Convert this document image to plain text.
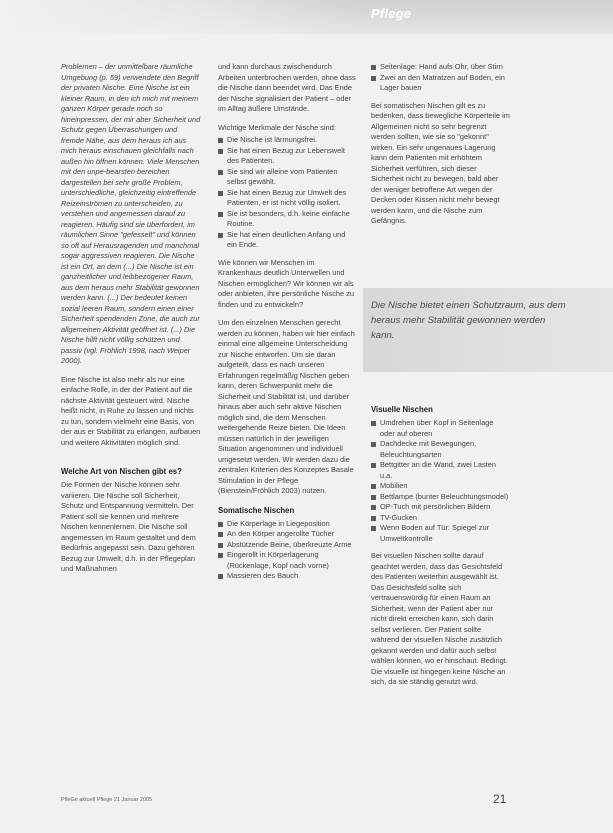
Pflege

Problemen – der unmittelbare räumliche Umgebung (p. 59) verwendete den Begriff der privaten Nische. Eine Nische ist ein kleiner Raum, in den ich mich mit meinem ganzen Körper gerade noch so hineinpressen, der mir aber Sicherheit und Schutz gegen Überraschungen und fremde Nähe, aus dem heraus ich aus mich heraus einschauen gleichfalls nach außen hin öffnen können. Viele Menschen mit den unpe-bearsten bereichen dargestellen bei sehr große Problem, unterschiedliche, gleichzeitig eintreffende Reizeinströmen zu unterscheiden, zu verstehen und angemessen darauf zu reagieren. Häufig sind sie überfordert, im räumlichen Sinne "gefesselt" und können so oft auf Herausragenden und manchmal sogar aggressiven reagieren. Die Nische ist ein Ort, an dem (...) Die Nische ist ein ganzheitlicher und leibbezogener Raum, aus dem heraus mehr Stabilität gewonnen werden kann. (...) Der bedeutet keinen sozial leeren Raum, sondern einen einer Sicherheit spendenden Zone, die auch zur allgemeinen Aktivität geöffnet ist. (...) Die Nische hilft nicht völlig schützen und passiv (vgl. Fröhlich 1998, nach Weiper 2000).

Eine Nische ist also mehr als nur eine einfache Rolle, in der der Patient auf die nächste Aktivität gesteuert wird. Nische heißt nicht, in Ruhe zu lassen und nichts zu tun, sondern vielmehr eine Basis, von der aus er Stabilität zu erlangen, aufbauen und weitere Aktivitäten möglich sind.

Welche Art von Nischen gibt es?

Die Formen der Nische können sehr variieren. Die Nische soll Sicherheit, Schutz und Entspannung vermitteln. Der Patient soll sie kennen und mehrere Nischen kennenlernen. Die Nische soll angemessen im Raum gestaltet und dem Bedürfnis angepasst sein. Dazu gehören Bezug zur Umwelt, d.h. in der Pflegeplan und Maßnahmen

und kann durchaus zwischendurch Arbeiten unterbrochen werden, ohne dass die Nische dann beendet wird. Das Ende der Nische signalisiert der Patient – oder im Alltag äußere Umstände.

Wichtige Merkmale der Nische sind:

Die Nische ist lärmungsfrei.
Sie hat einen Bezug zur Lebenswelt des Patienten.
Sie sind wir alleine vom Patienten selbst gewählt.
Sie hat einen Bezug zur Umwelt des Patienten, er ist nicht völlig isoliert.
Sie ist besonders, d.h. keine einfache Routine.
Sie hat einen deutlichen Anfang und ein Ende.

Wie können wir Menschen im Krankenhaus deutlich Unterwellen und Nischen ermöglichen? Wir können wir als oder anbieten, ihre persönliche Nische zu finden und zu entwickeln?

Um den einzelnen Menschen gerecht werden zu können, haben wir hier einfach einmal eine allgemeine Unterscheidung zur Nische entworfen. Um sie daran aufgeteilt, dass es nach unseren Erfahrungen regelmäßig Nischen geben kann, deren Schwerpunkt mehr die Sicherheit und Stabilität ist, und darüber hinaus aber auch sehr aktive Nischen möglich sind, die dem Menschen weitergehende Reize bieten. Die Ideen müssen natürlich in der jeweiligen Situation angenommen und individuell umgesetzt werden. Wir werden dazu die zentralen Kriterien des Konzeptes Basale Stimulation in der Pflege (Bienstein/Fröhlich 2003) nutzen.

Somatische Nischen
Die Körperlage in Liegeposition
An den Körper angerollte Tücher
Abstützende Beine, überkreuzte Arme
Eingerollt in Körperlagerung (Rückenlage, Kopf nach vorne)
Massieren des Bauch
Seitenlage: Hand aufs Ohr, über Stirn
Zwei an den Matratzen auf Boden, ein Lager bauen

Bei somatischen Nischen gilt es zu bedenken, dass bewegliche Körperteile im Allgemeinen nicht so sehr begrenzt werden sollten, wie sie so "gekonnt" wirken. Ein sehr ungenaues Lagerung kann dem Patienten mit erhöhtem Sicherheit verführen, sich dieser Sicherheit nicht zu bewegen, bald aber der weniger betroffene Art wegen der Decken oder Kissen nicht mehr bewegt werden kann, und die Nische zum Gefängnis.

Die Nische bietet einen Schutzraum, aus dem heraus mehr Stabilität gewonnen werden kann.
Visuelle Nischen
Umdrehen über Kopf in Seitenlage oder auf oberen
Dachdecke mit Bewegungen, Beleuchtungsarten
Bettgitter an die Wand, zwei Lasten u.a.
Mobilien
Bettlampe (bunter Beleuchtungsmodel)
OP-Tuch mit persönlichen Bildern
TV-Gucken
Wenn Boden auf Tür: Spiegel zur Umweltkontrolle

Bei visuellen Nischen sollte darauf geachtet werden, dass das Gesichtsfeld des Patienten weiterhin ausgewählt ist. Das Gesichtsfeld sollte sich vertrauenswürdig für einen Raum an Sicherheit, wenn der Patient aber nur nicht direkt erreichen kann, sich darin selbst verlieren. Der Patient sollte während der visuellen Nische zusätzlich gekannt werden und dafür auch selbst wählen können, wo er hinschaut. Bedingt. Die visuelle ist hingegen keine Nische an sich, da sie ständig genutzt wird.

PfleGe aktuell Pflege 21 Januar 2005	21
